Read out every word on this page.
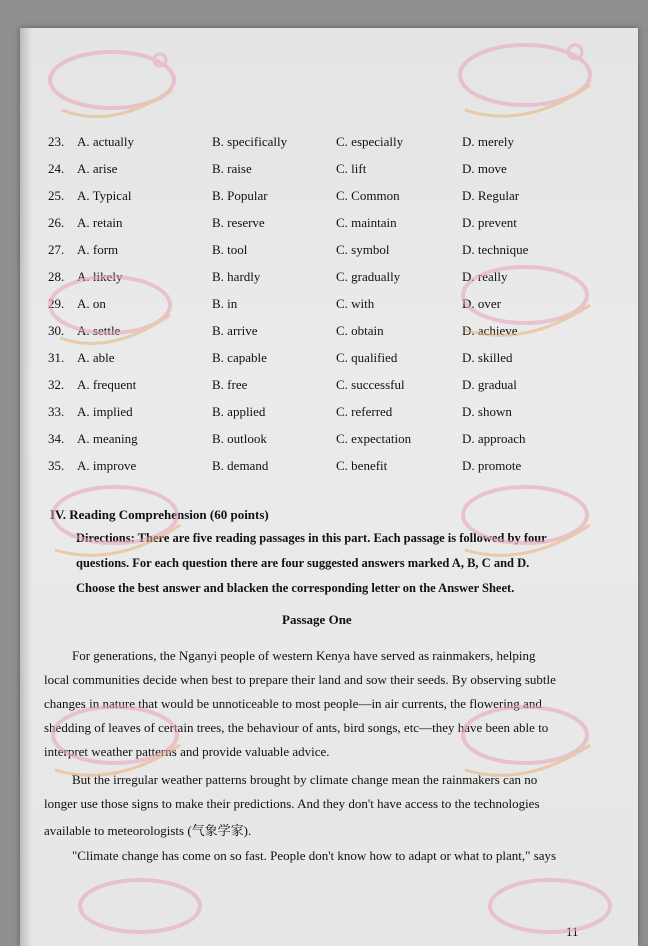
23. A. actually	B. specifically	C. especially	D. merely
24. A. arise	B. raise	C. lift	D. move
25. A. Typical	B. Popular	C. Common	D. Regular
26. A. retain	B. reserve	C. maintain	D. prevent
27. A. form	B. tool	C. symbol	D. technique
28. A. likely	B. hardly	C. gradually	D. really
29. A. on	B. in	C. with	D. over
30. A. settle	B. arrive	C. obtain	D. achieve
31. A. able	B. capable	C. qualified	D. skilled
32. A. frequent	B. free	C. successful	D. gradual
33. A. implied	B. applied	C. referred	D. shown
34. A. meaning	B. outlook	C. expectation	D. approach
35. A. improve	B. demand	C. benefit	D. promote
IV. Reading Comprehension (60 points)
Directions: There are five reading passages in this part. Each passage is followed by four
questions. For each question there are four suggested answers marked A, B, C and D.
Choose the best answer and blacken the corresponding letter on the Answer Sheet.
Passage One
For generations, the Nganyi people of western Kenya have served as rainmakers, helping
local communities decide when best to prepare their land and sow their seeds. By observing subtle
changes in nature that would be unnoticeable to most people—in air currents, the flowering and
shedding of leaves of certain trees, the behaviour of ants, bird songs, etc—they have been able to
interpret weather patterns and provide valuable advice.
But the irregular weather patterns brought by climate change mean the rainmakers can no
longer use those signs to make their predictions. And they don't have access to the technologies
available to meteorologists (气象学家).
"Climate change has come on so fast. People don't know how to adapt or what to plant," says
11
